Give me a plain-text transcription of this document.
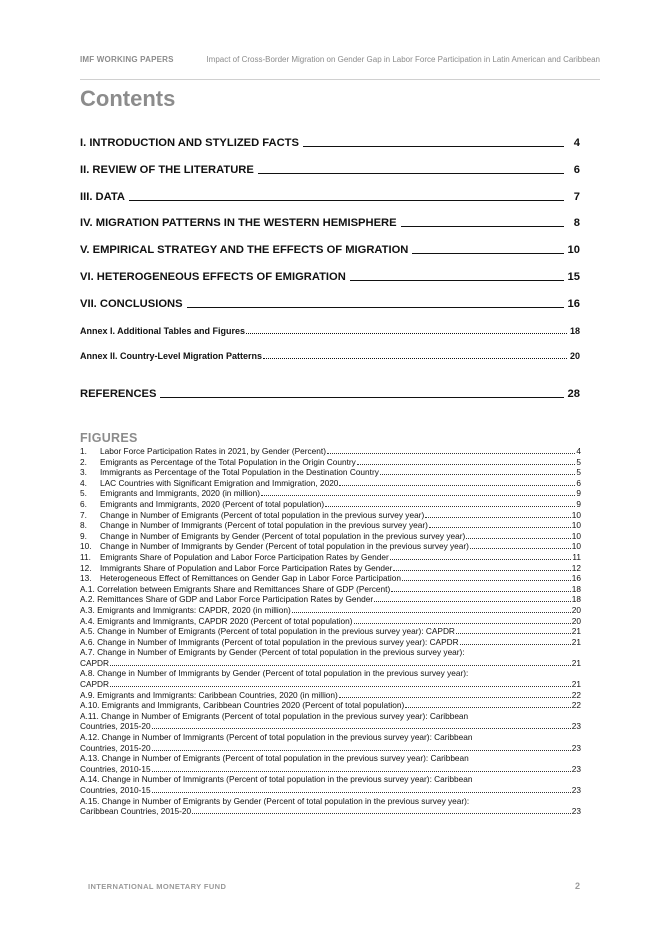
IMF WORKING PAPERS	Impact of Cross-Border Migration on Gender Gap in Labor Force Participation in Latin American and Caribbean
Contents
I. INTRODUCTION AND STYLIZED FACTS	4
II. REVIEW OF THE LITERATURE	6
III. DATA	7
IV. MIGRATION PATTERNS IN THE WESTERN HEMISPHERE	8
V. EMPIRICAL STRATEGY AND THE EFFECTS OF MIGRATION	10
VI. HETEROGENEOUS EFFECTS OF EMIGRATION	15
VII. CONCLUSIONS	16
Annex I. Additional Tables and Figures	18
Annex II. Country-Level Migration Patterns	20
REFERENCES	28
FIGURES
1.	Labor Force Participation Rates in 2021, by Gender (Percent)	4
2.	Emigrants as Percentage of the Total Population in the Origin Country	5
3.	Immigrants as Percentage of the Total Population in the Destination Country	5
4.	LAC Countries with Significant Emigration and Immigration, 2020	6
5.	Emigrants and Immigrants, 2020 (in million)	9
6.	Emigrants and Immigrants, 2020 (Percent of total population)	9
7.	Change in Number of Emigrants (Percent of total population in the previous survey year)	10
8.	Change in Number of Immigrants (Percent of total population in the previous survey year)	10
9.	Change in Number of Emigrants by Gender (Percent of total population in the previous survey year)	10
10.	Change in Number of Immigrants by Gender (Percent of total population in the previous survey year)	10
11.	Emigrants Share of Population and Labor Force Participation Rates by Gender	11
12.	Immigrants Share of Population and Labor Force Participation Rates by Gender	12
13.	Heterogeneous Effect of Remittances on Gender Gap in Labor Force Participation	16
A.1. Correlation between Emigrants Share and Remittances Share of GDP (Percent)	18
A.2. Remittances Share of GDP and Labor Force Participation Rates by Gender	18
A.3. Emigrants and Immigrants: CAPDR, 2020 (in million)	20
A.4. Emigrants and Immigrants, CAPDR 2020 (Percent of total population)	20
A.5. Change in Number of Emigrants (Percent of total population in the previous survey year): CAPDR	21
A.6. Change in Number of Immigrants (Percent of total population in the previous survey year): CAPDR	21
A.7. Change in Number of Emigrants by Gender (Percent of total population in the previous survey year):
CAPDR	21
A.8. Change in Number of Immigrants by Gender (Percent of total population in the previous survey year):
CAPDR	21
A.9. Emigrants and Immigrants: Caribbean Countries, 2020 (in million)	22
A.10. Emigrants and Immigrants, Caribbean Countries 2020 (Percent of total population)	22
A.11. Change in Number of Emigrants (Percent of total population in the previous survey year): Caribbean
Countries, 2015-20	23
A.12. Change in Number of Immigrants (Percent of total population in the previous survey year): Caribbean
Countries, 2015-20	23
A.13. Change in Number of Emigrants (Percent of total population in the previous survey year): Caribbean
Countries, 2010-15	23
A.14. Change in Number of Immigrants (Percent of total population in the previous survey year): Caribbean
Countries, 2010-15	23
A.15. Change in Number of Emigrants by Gender (Percent of total population in the previous survey year):
Caribbean Countries, 2015-20	23
INTERNATIONAL MONETARY FUND	2
